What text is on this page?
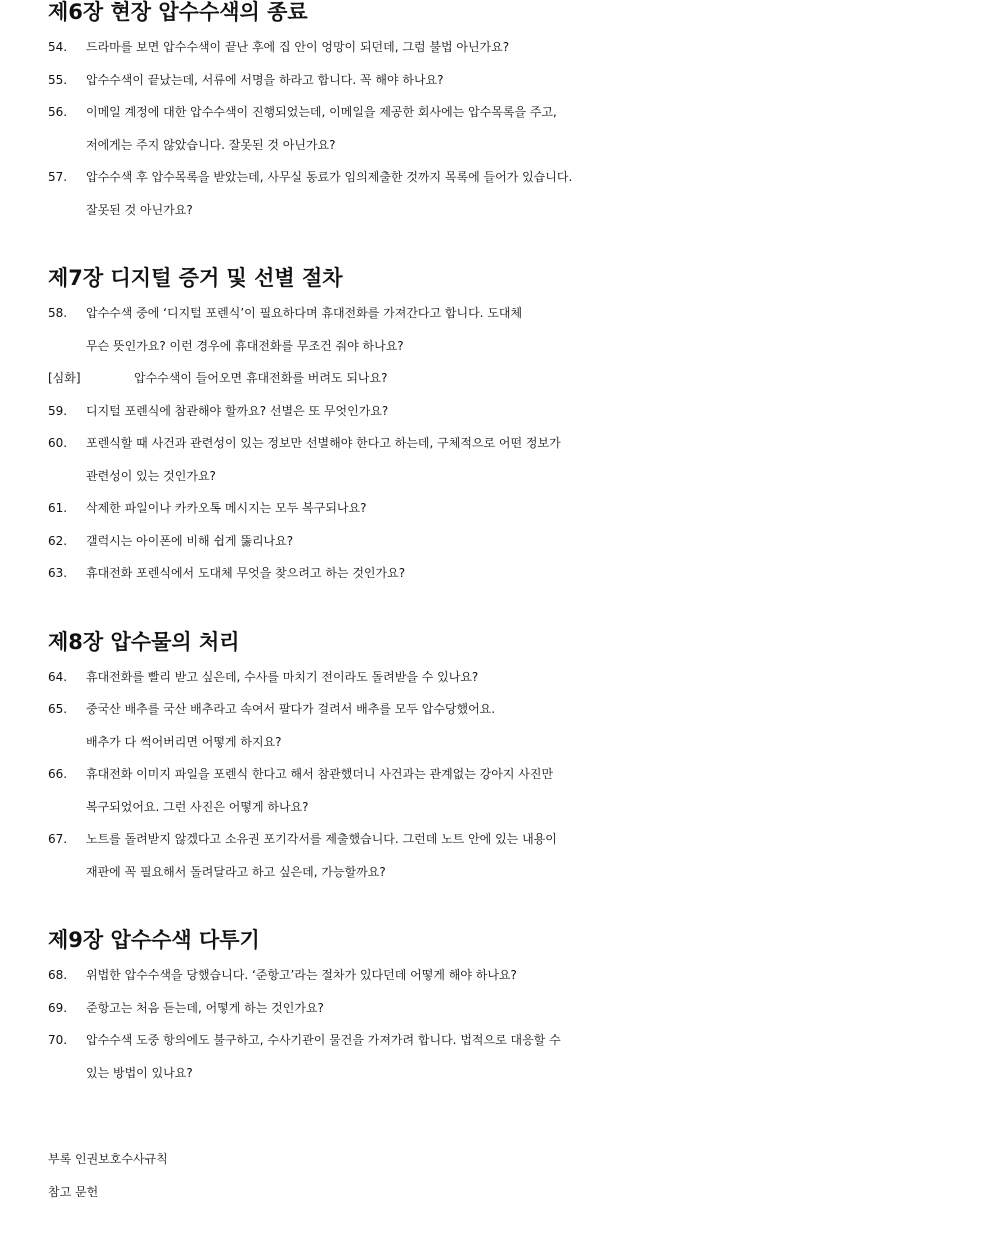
제6장 현장 압수수색의 종료
54.	드라마를 보면 압수수색이 끝난 후에 집 안이 엉망이 되던데, 그럼 불법 아닌가요?
55.	압수수색이 끝났는데, 서류에 서명을 하라고 합니다. 꼭 해야 하나요?
56.	이메일 계정에 대한 압수수색이 진행되었는데, 이메일을 제공한 회사에는 압수목록을 주고,
저에게는 주지 않았습니다. 잘못된 것 아닌가요?
57.	압수수색 후 압수목록을 받았는데, 사무실 동료가 임의제출한 것까지 목록에 들어가 있습니다.
잘못된 것 아닌가요?
제7장 디지털 증거 및 선별 절차
58.	압수수색 중에 ‘디지털 포렌식’이 필요하다며 휴대전화를 가져간다고 합니다. 도대체
무슨 뜻인가요? 이런 경우에 휴대전화를 무조건 줘야 하나요?
[심화]	압수수색이 들어오면 휴대전화를 버려도 되나요?
59.	디지털 포렌식에 참관해야 할까요? 선별은 또 무엇인가요?
60.	포렌식할 때 사건과 관련성이 있는 정보만 선별해야 한다고 하는데, 구체적으로 어떤 정보가
관련성이 있는 것인가요?
61.	삭제한 파일이나 카카오톡 메시지는 모두 복구되나요?
62.	갤럭시는 아이폰에 비해 쉽게 뚫리나요?
63.	휴대전화 포렌식에서 도대체 무엇을 찾으려고 하는 것인가요?
제8장 압수물의 처리
64.	휴대전화를 빨리 받고 싶은데, 수사를 마치기 전이라도 돌려받을 수 있나요?
65.	중국산 배추를 국산 배추라고 속여서 팔다가 걸려서 배추를 모두 압수당했어요.
배추가 다 썩어버리면 어떻게 하지요?
66.	휴대전화 이미지 파일을 포렌식 한다고 해서 참관했더니 사건과는 관계없는 강아지 사진만
복구되었어요. 그런 사진은 어떻게 하나요?
67.	노트를 돌려받지 않겠다고 소유권 포기각서를 제출했습니다. 그런데 노트 안에 있는 내용이
재판에 꼭 필요해서 돌려달라고 하고 싶은데, 가능할까요?
제9장 압수수색 다투기
68.	위법한 압수수색을 당했습니다. ‘준항고’라는 절차가 있다던데 어떻게 해야 하나요?
69.	준항고는 처음 듣는데, 어떻게 하는 것인가요?
70.	압수수색 도중 항의에도 불구하고, 수사기관이 물건을 가져가려 합니다. 법적으로 대응할 수
있는 방법이 있나요?
부록 인권보호수사규칙
참고 문헌
